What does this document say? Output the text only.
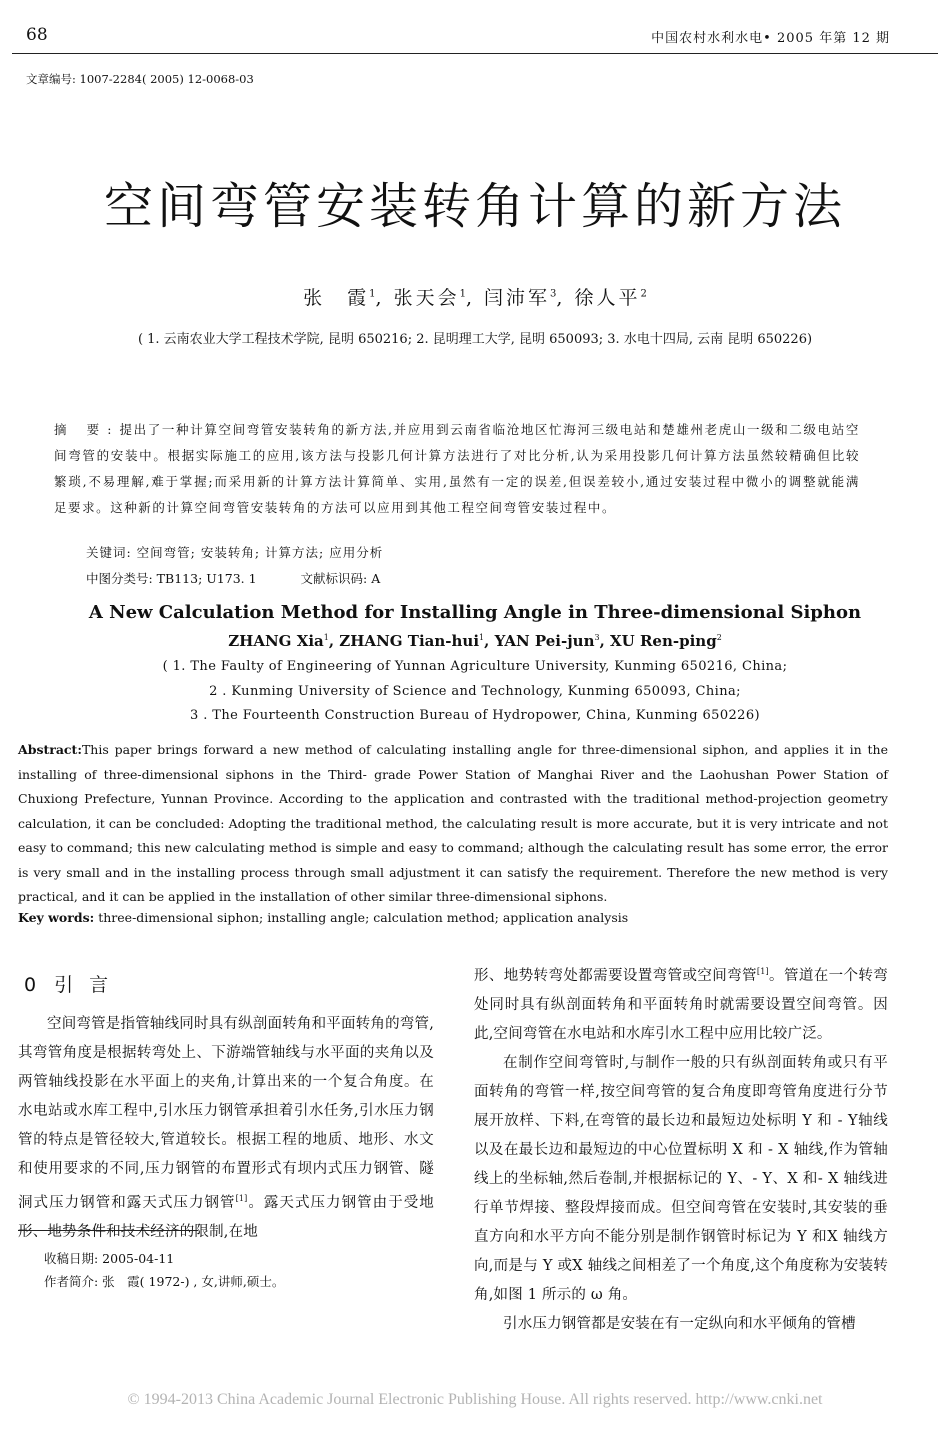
68	中国农村水利水电• 2005 年第 12 期
文章编号: 1007-2284( 2005) 12-0068-03
空间弯管安装转角计算的新方法
张　霞$^1$, 张天会$^1$, 闫沛军$^3$, 徐人平$^2$
( 1. 云南农业大学工程技术学院, 昆明 650216; 2. 昆明理工大学, 昆明 650093; 3. 水电十四局, 云南 昆明 650226)
摘 要:提出了一种计算空间弯管安装转角的新方法,并应用到云南省临沧地区忙海河三级电站和楚雄州老虎山一级和二级电站空间弯管的安装中。根据实际施工的应用,该方法与投影几何计算方法进行了对比分析,认为采用投影几何计算方法虽然较精确但比较繁琐,不易理解,难于掌握;而采用新的计算方法计算简单、实用,虽然有一定的误差,但误差较小,通过安装过程中微小的调整就能满足要求。这种新的计算空间弯管安装转角的方法可以应用到其他工程空间弯管安装过程中。
关键词: 空间弯管; 安装转角; 计算方法; 应用分析
中图分类号: TB113; U173. 1	文献标识码: A
A New Calculation Method for Installing Angle in Three-dimensional Siphon
ZHANG Xia$^1$, ZHANG Tian-hui$^1$, YAN Pei-jun$^3$, XU Ren-ping$^2$
( 1. The Faulty of Engineering of Yunnan Agriculture University, Kunming 650216, China;
2 . Kunming University of Science and Technology, Kunming 650093, China;
3 . The Fourteenth Construction Bureau of Hydropower, China, Kunming 650226)
Abstract:This paper brings forward a new method of calculating installing angle for three-dimensional siphon, and applies it in the installing of three-dimensional siphons in the Third- grade Power Station of Manghai River and the Laohushan Power Station of Chuxiong Prefecture, Yunnan Province. According to the application and contrasted with the traditional method-projection geometry calculation, it can be concluded: Adopting the traditional method, the calculating result is more accurate, but it is very intricate and not easy to command; this new calculating method is simple and easy to command; although the calculating result has some error, the error is very small and in the installing process through small adjustment it can satisfy the requirement. Therefore the new method is very practical, and it can be applied in the installation of other similar three-dimensional siphons.
Key words: three-dimensional siphon; installing angle; calculation method; application analysis
0 引言

空间弯管是指管轴线同时具有纵剖面转角和平面转角的弯管,其弯管角度是根据转弯处上、下游端管轴线与水平面的夹角以及两管轴线投影在水平面上的夹角,计算出来的一个复合角度。在水电站或水库工程中,引水压力钢管承担着引水任务,引水压力钢管的特点是管径较大,管道较长。根据工程的地质、地形、水文和使用要求的不同,压力钢管的布置形式有坝内式压力钢管、隧洞式压力钢管和露天式压力钢管[1]。露天式压力钢管由于受地形、地势条件和技术经济的限制,在地

形、地势转弯处都需要设置弯管或空间弯管[1]。管道在一个转弯处同时具有纵剖面转角和平面转角时就需要设置空间弯管。因此,空间弯管在水电站和水库引水工程中应用比较广泛。

在制作空间弯管时,与制作一般的只有纵剖面转角或只有平面转角的弯管一样,按空间弯管的复合角度即弯管角度进行分节展开放样、下料,在弯管的最长边和最短边处标明 Y 和 - Y轴线以及在最长边和最短边的中心位置标明 X 和 - X 轴线,作为管轴线上的坐标轴,然后卷制,并根据标记的 Y、- Y、X 和- X 轴线进行单节焊接、整段焊接而成。但空间弯管在安装时,其安装的垂直方向和水平方向不能分别是制作钢管时标记为 Y 和X 轴线方向,而是与 Y 或X 轴线之间相差了一个角度,这个角度称为安装转角,如图 1 所示的 ω 角。

引水压力钢管都是安装在有一定纵向和水平倾角的管槽

收稿日期: 2005-04-11
作者简介: 张　霞( 1972-) , 女,讲师,硕士。
© 1994-2013 China Academic Journal Electronic Publishing House. All rights reserved. http://www.cnki.net
